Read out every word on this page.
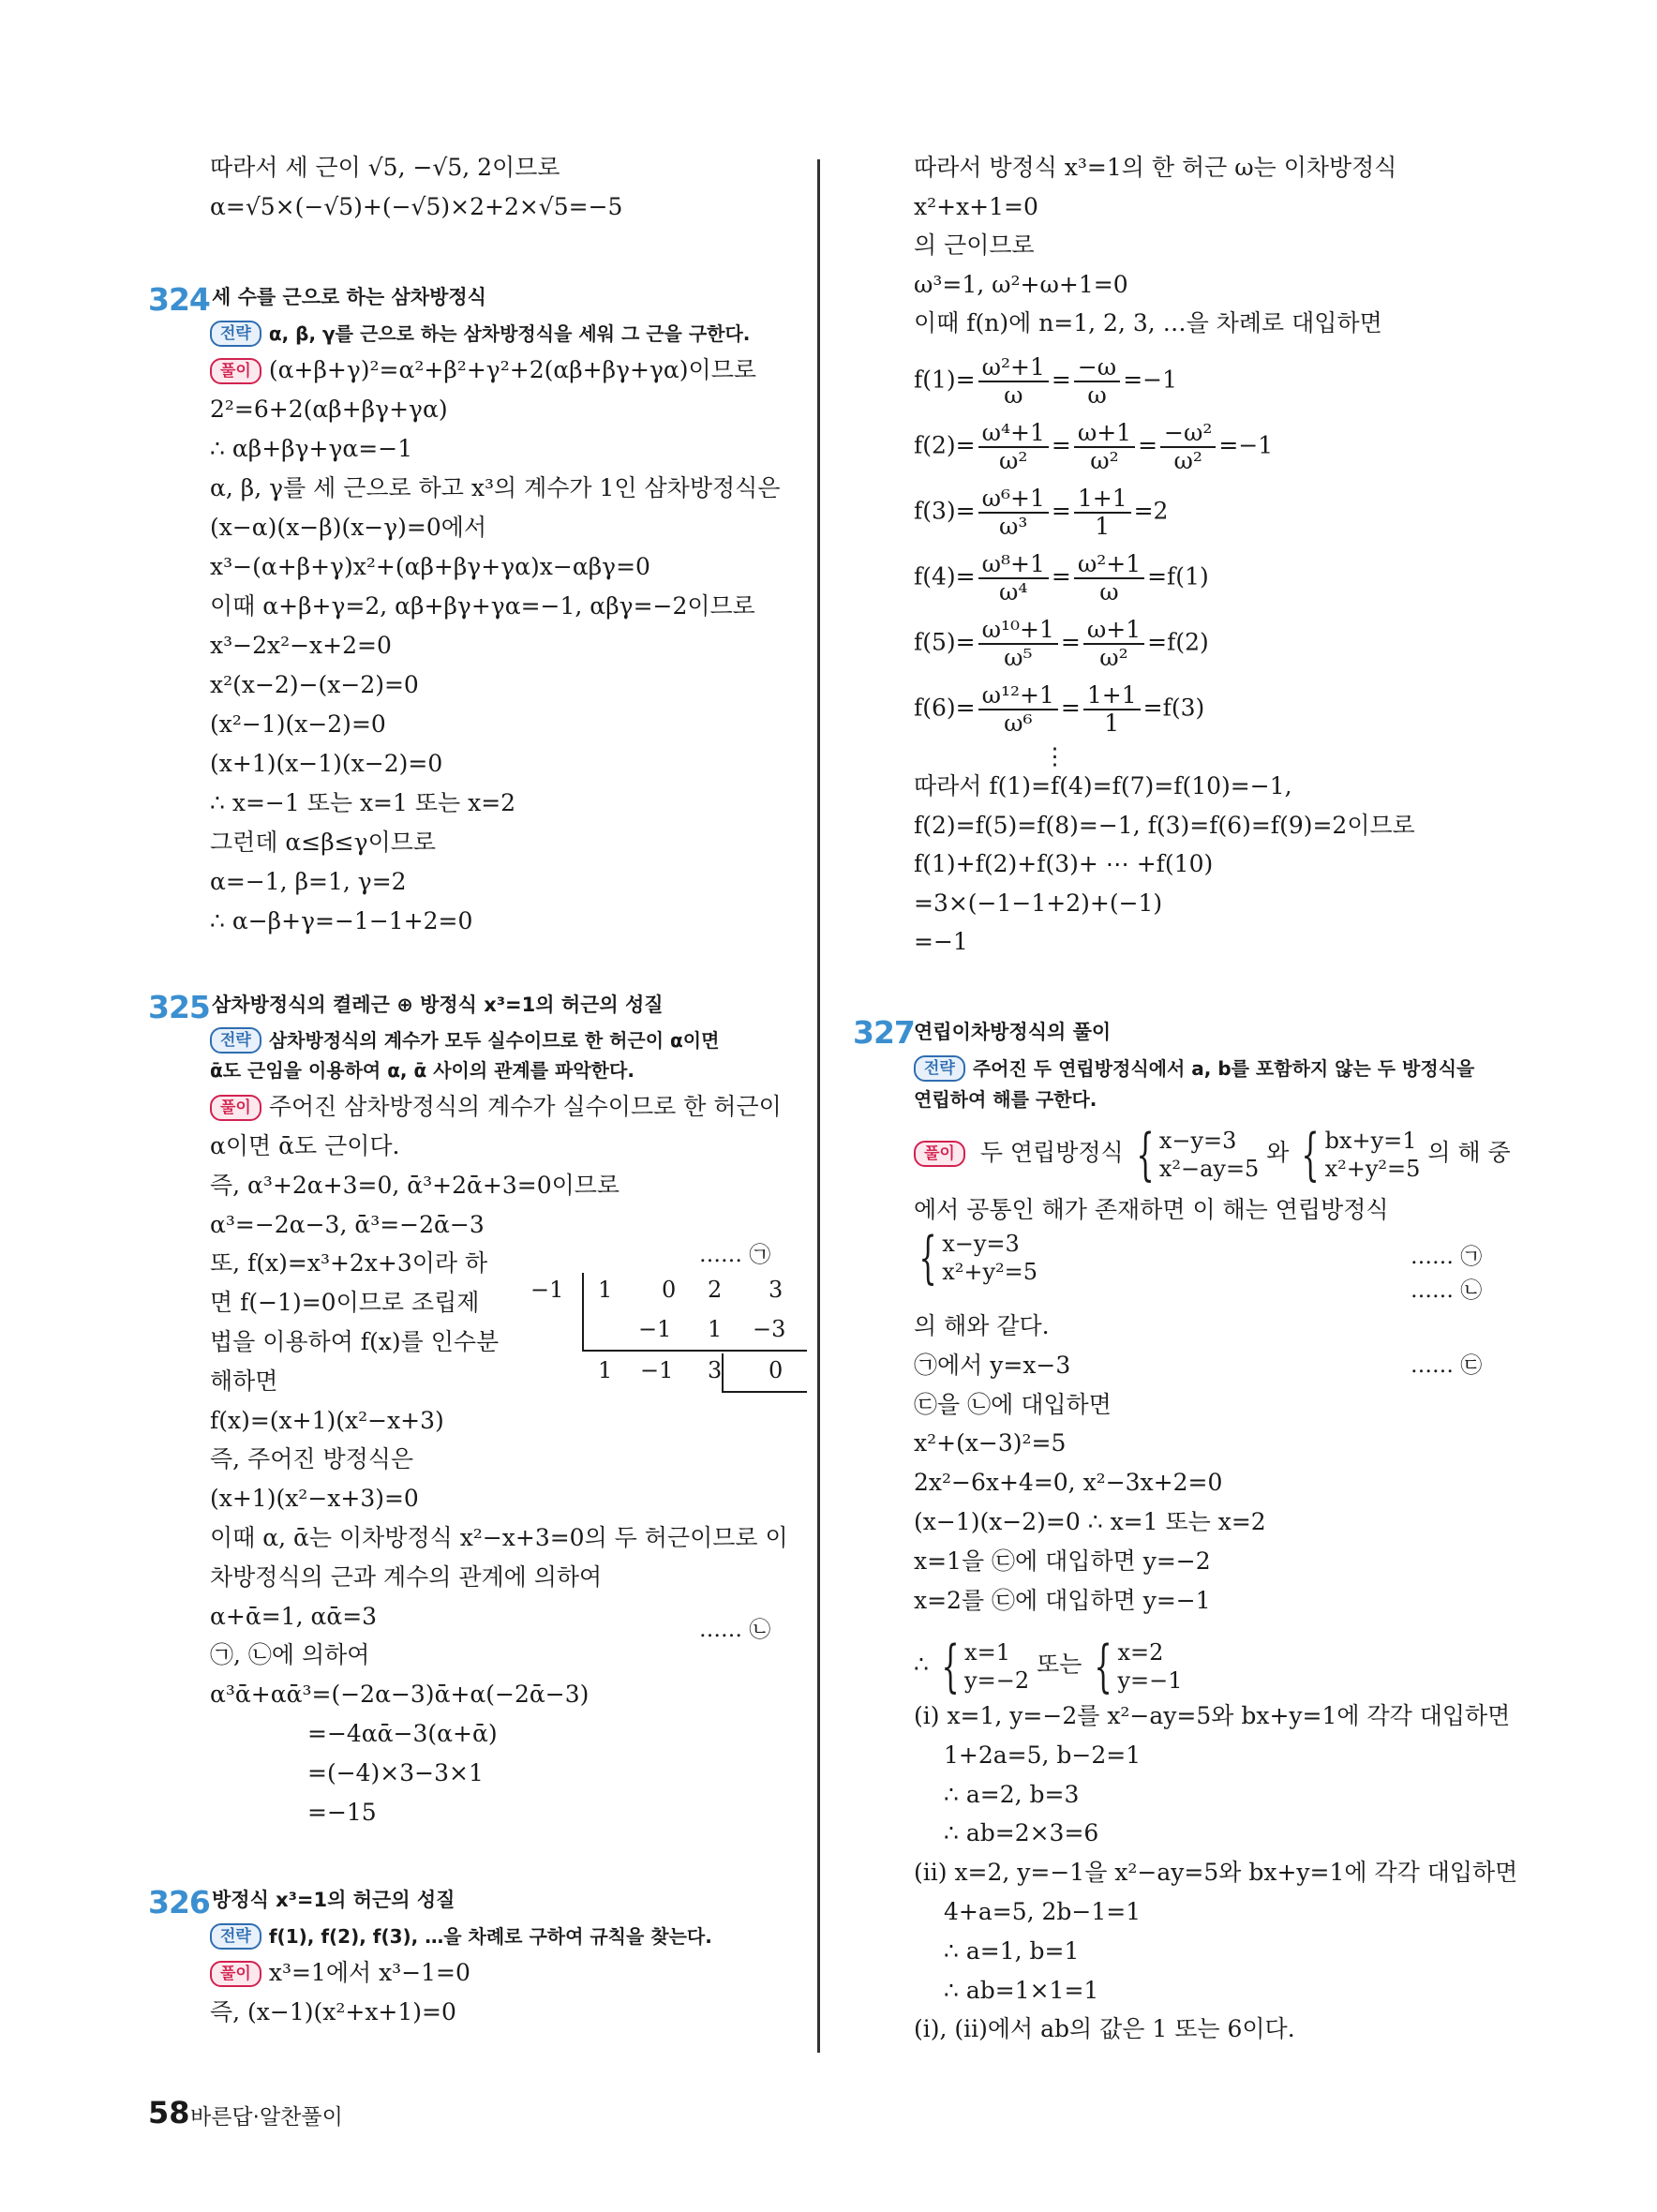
따라서 세 근이 √5, −√5, 2이므로
α=√5×(−√5)+(−√5)×2+2×√5=−5
324 세 수를 근으로 하는 삼차방정식
전략 α, β, γ를 근으로 하는 삼차방정식을 세워 그 근을 구한다.
풀이 (α+β+γ)²=α²+β²+γ²+2(αβ+βγ+γα)이므로
2²=6+2(αβ+βγ+γα)
∴ αβ+βγ+γα=−1
α, β, γ를 세 근으로 하고 x³의 계수가 1인 삼차방정식은
(x−α)(x−β)(x−γ)=0에서
x³−(α+β+γ)x²+(αβ+βγ+γα)x−αβγ=0
이때 α+β+γ=2, αβ+βγ+γα=−1, αβγ=−2이므로
x³−2x²−x+2=0
x²(x−2)−(x−2)=0
(x²−1)(x−2)=0
(x+1)(x−1)(x−2)=0
∴ x=−1 또는 x=1 또는 x=2
그런데 α≤β≤γ이므로
α=−1, β=1, γ=2
∴ α−β+γ=−1−1+2=0
325 삼차방정식의 켤레근 ⊕ 방정식 x³=1의 허근의 성질
전략 삼차방정식의 계수가 모두 실수이므로 한 허근이 α이면
ᾱ도 근임을 이용하여 α, ᾱ 사이의 관계를 파악한다.
풀이 주어진 삼차방정식의 계수가 실수이므로 한 허근이
α이면 ᾱ도 근이다.
즉, α³+2α+3=0, ᾱ³+2ᾱ+3=0이므로
α³=−2α−3, ᾱ³=−2ᾱ−3
또, f(x)=x³+2x+3이라 하
면 f(−1)=0이므로 조립제
법을 이용하여 f(x)를 인수분
해하면
f(x)=(x+1)(x²−x+3)
즉, 주어진 방정식은
(x+1)(x²−x+3)=0
이때 α, ᾱ는 이차방정식 x²−x+3=0의 두 허근이므로 이
차방정식의 근과 계수의 관계에 의하여
α+ᾱ=1, αᾱ=3
㉠, ㉡에 의하여
α³ᾱ+αᾱ³=(−2α−3)ᾱ+α(−2ᾱ−3)
=−4αᾱ−3(α+ᾱ)
=(−4)×3−3×1
=−15
…… ㉠
…… ㉡
−1 1 0 2 3
−1 1 −3
1 −1 3 0
326 방정식 x³=1의 허근의 성질
전략 f(1), f(2), f(3), …을 차례로 구하여 규칙을 찾는다.
풀이 x³=1에서 x³−1=0
즉, (x−1)(x²+x+1)=0
따라서 방정식 x³=1의 한 허근 ω는 이차방정식
x²+x+1=0
의 근이므로
ω³=1, ω²+ω+1=0
이때 f(n)에 n=1, 2, 3, …을 차례로 대입하면
$f(1)= \frac{\text{ω²+1}}{\omega} = \frac{-\omega}{\omega} =-1$
$f(2)= \frac{\text{ω⁴+1}}{\text{ω²}} = \frac{\omega+1}{\text{ω²}} = \frac{\text{−ω²}}{\text{ω²}} =-1$
$f(3)= \frac{\text{ω⁶+1}}{\text{ω³}} = \frac{1+1}{1} =2$
$f(4)= \frac{\text{ω⁸+1}}{\text{ω⁴}} = \frac{\text{ω²+1}}{\omega} =f(1)$
$f(5)= \frac{\text{ω¹⁰+1}}{\text{ω⁵}} = \frac{\omega+1}{\text{ω²}} =f(2)$
$f(6)= \frac{\text{ω¹²+1}}{\text{ω⁶}} = \frac{1+1}{1} =f(3)$
⋮
따라서 f(1)=f(4)=f(7)=f(10)=−1,
f(2)=f(5)=f(8)=−1, f(3)=f(6)=f(9)=2이므로
f(1)+f(2)+f(3)+ ⋯ +f(10)
=3×(−1−1+2)+(−1)
=−1
327 연립이차방정식의 풀이
전략 주어진 두 연립방정식에서 a, b를 포함하지 않는 두 방정식을
연립하여 해를 구한다.
풀이 두 연립방정식 { x−y=3
x²−ay=5
와 { bx+y=1
x²+y²=5
의 해 중
에서 공통인 해가 존재하면 이 해는 연립방정식
{ x−y=3
x²+y²=5
…… ㉠
…… ㉡
의 해와 같다.
㉠에서 y=x−3
㉢을 ㉡에 대입하면
x²+(x−3)²=5
2x²−6x+4=0, x²−3x+2=0
(x−1)(x−2)=0 ∴ x=1 또는 x=2
x=1을 ㉢에 대입하면 y=−2
x=2를 ㉢에 대입하면 y=−1
…… ㉢
∴ { x=1
y=−2
또는 { x=2
y=−1
(i) x=1, y=−2를 x²−ay=5와 bx+y=1에 각각 대입하면
1+2a=5, b−2=1
∴ a=2, b=3
∴ ab=2×3=6
(ii) x=2, y=−1을 x²−ay=5와 bx+y=1에 각각 대입하면
4+a=5, 2b−1=1
∴ a=1, b=1
∴ ab=1×1=1
(i), (ii)에서 ab의 값은 1 또는 6이다.
58 바른답·알찬풀이
